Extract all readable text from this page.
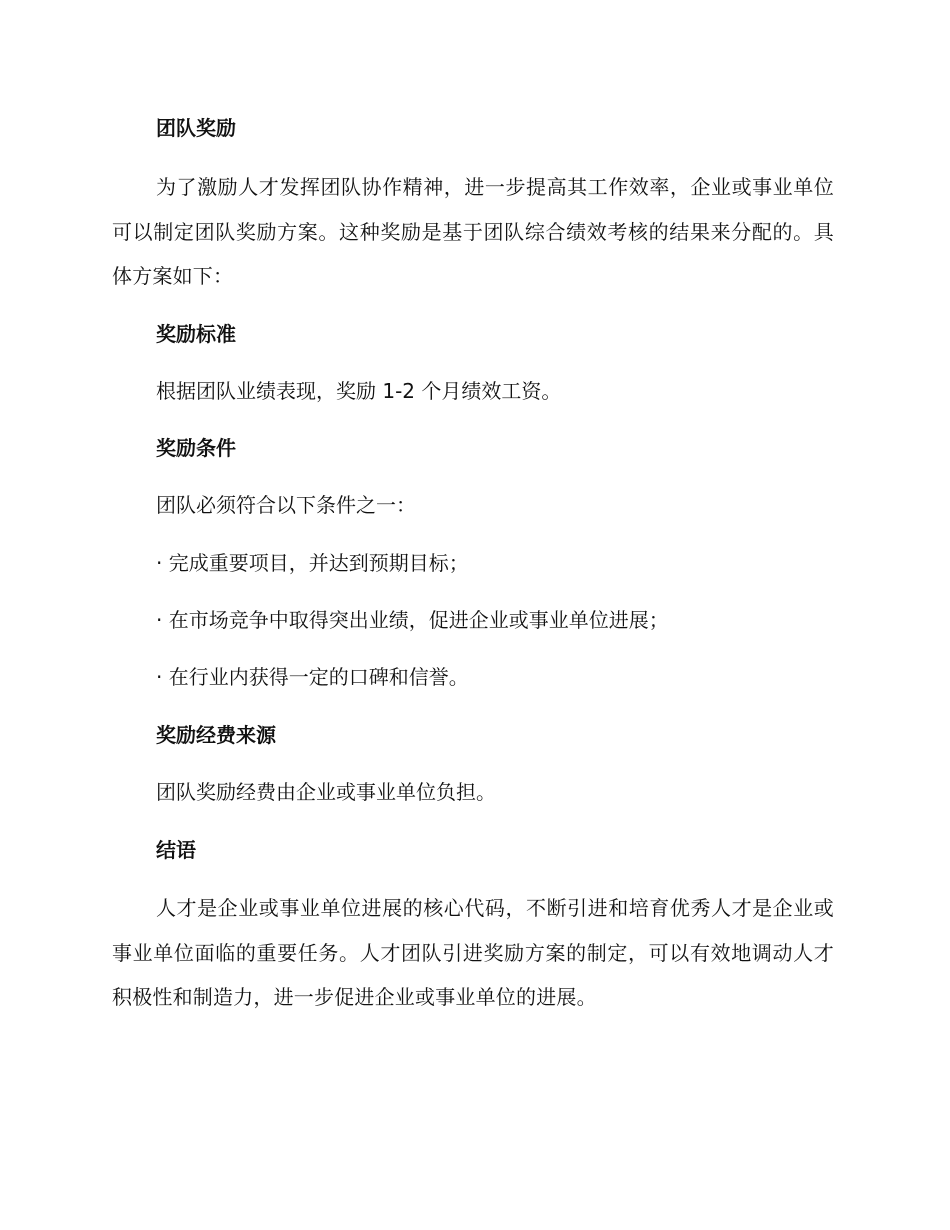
团队奖励
为了激励人才发挥团队协作精神，进一步提高其工作效率，企业或事业单位可以制定团队奖励方案。这种奖励是基于团队综合绩效考核的结果来分配的。具体方案如下：
奖励标准
根据团队业绩表现，奖励 1-2 个月绩效工资。
奖励条件
团队必须符合以下条件之一：
· 完成重要项目，并达到预期目标；
· 在市场竞争中取得突出业绩，促进企业或事业单位进展；
· 在行业内获得一定的口碑和信誉。
奖励经费来源
团队奖励经费由企业或事业单位负担。
结语
人才是企业或事业单位进展的核心代码，不断引进和培育优秀人才是企业或事业单位面临的重要任务。人才团队引进奖励方案的制定，可以有效地调动人才积极性和制造力，进一步促进企业或事业单位的进展。
